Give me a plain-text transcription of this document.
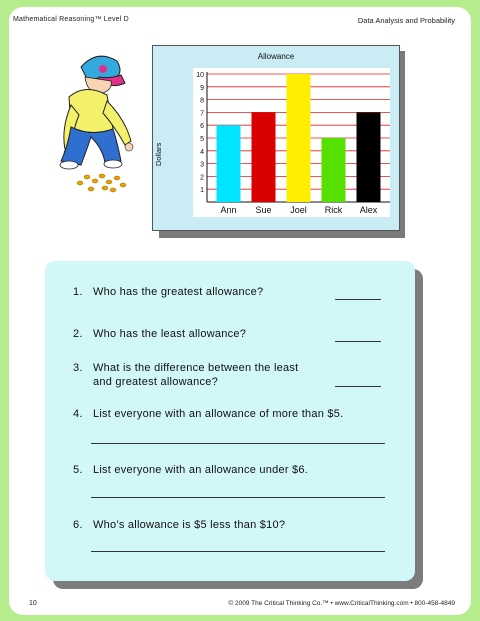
Mathematical Reasoning™ Level D	Data Analysis and Probability
Allowance
Dollars
1
2
3
4
5
6
7
8
9
10
Ann Sue Joel Rick Alex
1. Who has the greatest allowance?
2. Who has the least allowance?
3. What is the difference between the least
and greatest allowance?
4. List everyone with an allowance of more than $5.
5. List everyone with an allowance under $6.
6. Who’s allowance is $5 less than $10?
10	© 2009 The Critical Thinking Co.™ • www.CriticalThinking.com • 800-458-4849
